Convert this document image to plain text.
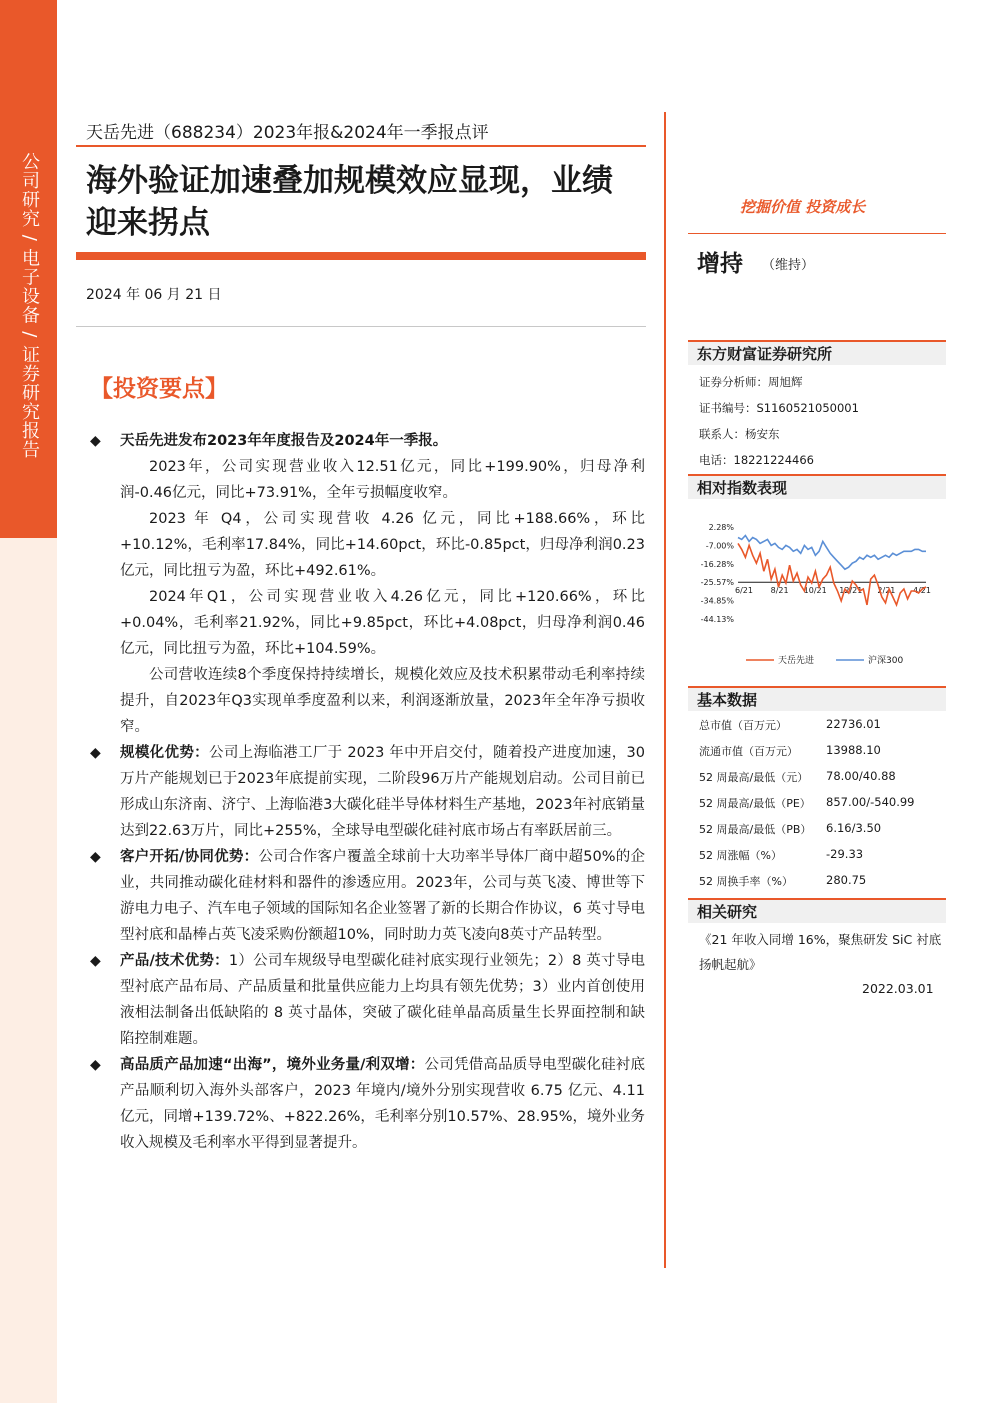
公司研究 / 电子设备 / 证券研究报告
天岳先进（688234）2023年报&2024年一季报点评
海外验证加速叠加规模效应显现，业绩迎来拐点
2024 年 06 月 21 日
【投资要点】
◆ 天岳先进发布2023年年度报告及2024年一季报。
2023年，公司实现营业收入12.51亿元，同比+199.90%，归母净利润-0.46亿元，同比+73.91%，全年亏损幅度收窄。
2023 年 Q4，公司实现营收 4.26 亿元，同比+188.66%，环比+10.12%，毛利率17.84%，同比+14.60pct，环比-0.85pct，归母净利润0.23亿元，同比扭亏为盈，环比+492.61%。
2024年Q1，公司实现营业收入4.26亿元，同比+120.66%，环比+0.04%，毛利率21.92%，同比+9.85pct，环比+4.08pct，归母净利润0.46亿元，同比扭亏为盈，环比+104.59%。
公司营收连续8个季度保持持续增长，规模化效应及技术积累带动毛利率持续提升，自2023年Q3实现单季度盈利以来，利润逐渐放量，2023年全年净亏损收窄。
◆ 规模化优势：公司上海临港工厂于 2023 年中开启交付，随着投产进度加速，30万片产能规划已于2023年底提前实现，二阶段96万片产能规划启动。公司目前已形成山东济南、济宁、上海临港3大碳化硅半导体材料生产基地，2023年衬底销量达到22.63万片，同比+255%，全球导电型碳化硅衬底市场占有率跃居前三。
◆ 客户开拓/协同优势：公司合作客户覆盖全球前十大功率半导体厂商中超50%的企业，共同推动碳化硅材料和器件的渗透应用。2023年，公司与英飞凌、博世等下游电力电子、汽车电子领域的国际知名企业签署了新的长期合作协议，6 英寸导电型衬底和晶棒占英飞凌采购份额超10%，同时助力英飞凌向8英寸产品转型。
◆ 产品/技术优势：1）公司车规级导电型碳化硅衬底实现行业领先；2）8 英寸导电型衬底产品布局、产品质量和批量供应能力上均具有领先优势；3）业内首创使用液相法制备出低缺陷的 8 英寸晶体，突破了碳化硅单晶高质量生长界面控制和缺陷控制难题。
◆ 高品质产品加速“出海”，境外业务量/利双增：公司凭借高品质导电型碳化硅衬底产品顺利切入海外头部客户，2023 年境内/境外分别实现营收 6.75 亿元、4.11 亿元，同增+139.72%、+822.26%，毛利率分别10.57%、28.95%，境外业务收入规模及毛利率水平得到显著提升。
挖掘价值 投资成长
增持 （维持）
东方财富证券研究所
证券分析师：周旭辉
证书编号：S1160521050001
联系人：杨安东
电话：18221224466
相对指数表现
2.28%
-7.00%
-16.28%
-25.57%
-34.85%
-44.13%
6/21 8/21 10/21 12/21 2/21 4/21
天岳先进	沪深300
基本数据
总市值（百万元）	22736.01
流通市值（百万元） 13988.10
52 周最高/最低（元） 78.00/40.88
52 周最高/最低（PE） 857.00/-540.99
52 周最高/最低（PB） 6.16/3.50
52 周涨幅（%）	-29.33
52 周换手率（%）	280.75
相关研究
《21 年收入同增 16%，聚焦研发 SiC 衬底扬帆起航》
2022.03.01
